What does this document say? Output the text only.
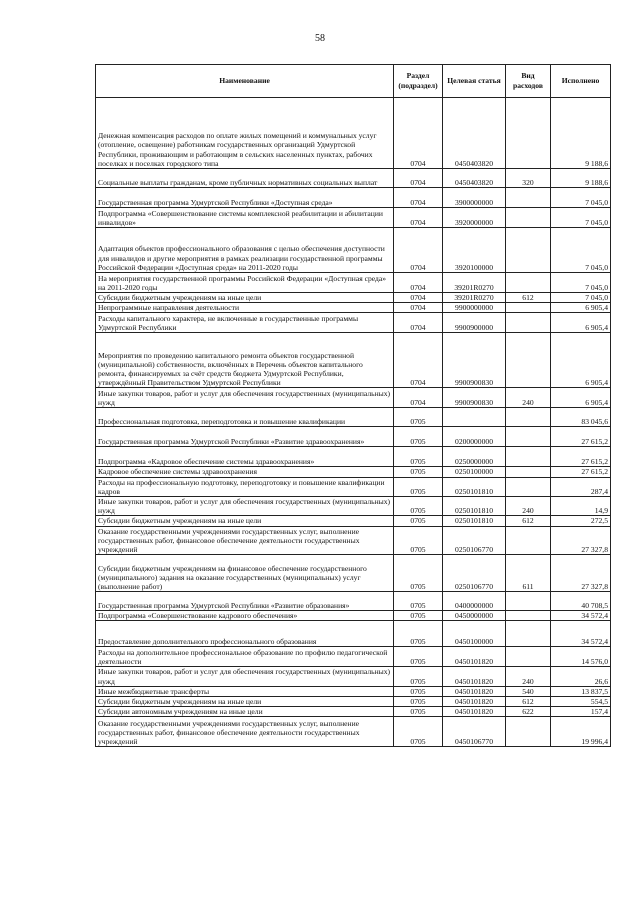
58
Наименование	Раздел (подраздел)	Целевая статья	Вид расходов	Исполнено

Денежная компенсация расходов по оплате жилых помещений и коммунальных услуг (отопление, освещение) работникам государственных организаций Удмуртской Республики, проживающим и работающим в сельских населенных пунктах, рабочих поселках и поселках городского типа	0704	0450403820		9 188,6

Социальные выплаты гражданам, кроме публичных нормативных социальных выплат	0704	0450403820	320	9 188,6

Государственная программа Удмуртской Республики «Доступная среда»	0704	3900000000		7 045,0

Подпрограмма «Совершенствование системы комплексной реабилитации и абилитации инвалидов»	0704	3920000000		7 045,0

Адаптация объектов профессионального образования с целью обеспечения доступности для инвалидов и другие мероприятия в рамках реализации государственной программы Российской Федерации «Доступная среда» на 2011-2020 годы	0704	3920100000		7 045,0

На мероприятия государственной программы Российской Федерации «Доступная среда» на 2011-2020 годы	0704	39201R0270		7 045,0

Субсидии бюджетным учреждениям на иные цели	0704	39201R0270	612	7 045,0

Непрограммные направления деятельности	0704	9900000000		6 905,4

Расходы капитального характера, не включенные в государственные программы Удмуртской Республики	0704	9900900000		6 905,4

Мероприятия по проведению капитального ремонта объектов государственной (муниципальной) собственности, включённых в Перечень объектов капитального ремонта, финансируемых за счёт средств бюджета Удмуртской Республики, утверждённый Правительством Удмуртской Республики	0704	9900900830		6 905,4

Иные закупки товаров, работ и услуг для обеспечения государственных (муниципальных) нужд	0704	9900900830	240	6 905,4

Профессиональная подготовка, переподготовка и повышение квалификации	0705			83 045,6

Государственная программа Удмуртской Республики «Развитие здравоохранения»	0705	0200000000		27 615,2

Подпрограмма «Кадровое обеспечение системы здравоохранения»	0705	0250000000		27 615,2

Кадровое обеспечение системы здравоохранения	0705	0250100000		27 615,2

Расходы на профессиональную подготовку, переподготовку и повышение квалификации кадров	0705	0250101810		287,4

Иные закупки товаров, работ и услуг для обеспечения государственных (муниципальных) нужд	0705	0250101810	240	14,9

Субсидии бюджетным учреждениям на иные цели	0705	0250101810	612	272,5

Оказание государственными учреждениями государственных услуг, выполнение государственных работ, финансовое обеспечение деятельности государственных учреждений	0705	0250106770		27 327,8

Субсидии бюджетным учреждениям на финансовое обеспечение государственного (муниципального) задания на оказание государственных (муниципальных) услуг (выполнение работ)	0705	0250106770	611	27 327,8

Государственная программа Удмуртской Республики «Развитие образования»	0705	0400000000		40 708,5

Подпрограмма «Совершенствование кадрового обеспечения»	0705	0450000000		34 572,4

Предоставление дополнительного профессионального образования	0705	0450100000		34 572,4

Расходы на дополнительное профессиональное образование по профилю педагогической деятельности	0705	0450101820		14 576,0

Иные закупки товаров, работ и услуг для обеспечения государственных (муниципальных) нужд	0705	0450101820	240	26,6

Иные межбюджетные трансферты	0705	0450101820	540	13 837,5

Субсидии бюджетным учреждениям на иные цели	0705	0450101820	612	554,5

Субсидии автономным учреждениям на иные цели	0705	0450101820	622	157,4

Оказание государственными учреждениями государственных услуг, выполнение государственных работ, финансовое обеспечение деятельности государственных учреждений	0705	0450106770		19 996,4
